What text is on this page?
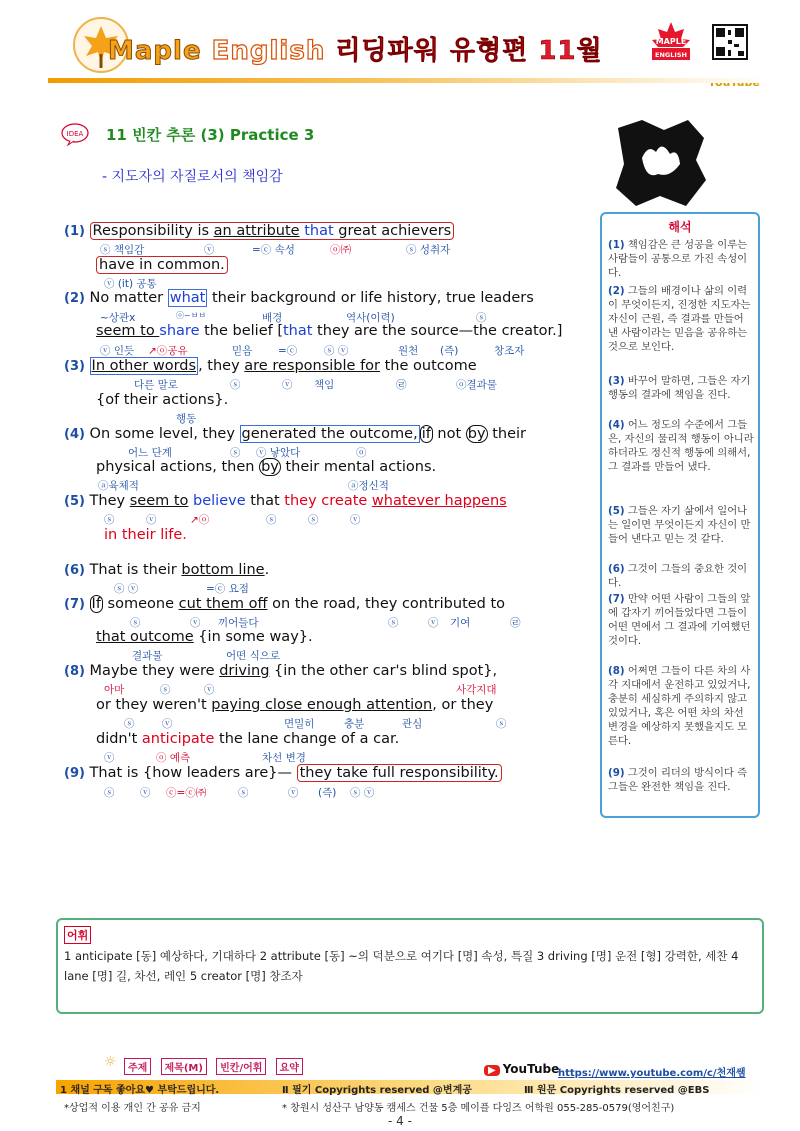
Maple English 리딩파워 유형편 11월	MAPLE
ENGLISH
IDEA 11 빈칸 추론 (3) Practice 3
- 지도자의 자질로서의 책임감
(1) Responsibility is an attribute that great achievers
ⓢ 책임감	ⓥ	=ⓒ 속성	ⓞ㈜	ⓢ 성취자
have in common.
ⓥ (it) 공통
(2) No matter what their background or life history, true leaders
~상관x	ⓞ~ㅂㅂ	배경	역사(이력)	ⓢ
seem to share the belief [that they are the source—the creator.]
ⓥ 인듯 ↗ⓞ공유	믿음 =ⓒ	ⓢ ⓥ	원천 (즉)	창조자
(3) In other words , they are responsible for the outcome
다른 말로	ⓢ	ⓥ 책임	㉣	ⓞ결과물
{of their actions}.
행동
(4) On some level, they generated the outcome, if not by their
어느 단계	ⓢ ⓥ 낳았다	ⓞ
physical actions, then by their mental actions.
ⓐ육체적	ⓐ정신적
(5) They seem to believe that they create whatever happens
ⓢ	ⓥ	↗ⓞ	ⓢ	ⓢ	ⓥ
in their life.
(6) That is their bottom line.
ⓢ ⓥ	=ⓒ 요점
(7) If someone cut them off on the road, they contributed to
ⓢ	ⓥ 끼어들다	ⓢ	ⓥ 기여	㉣
that outcome {in some way}.
결과물	어떤 식으로
(8) Maybe they were driving {in the other car's blind spot},
아마	ⓢ	ⓥ	사각지대
or they weren't paying close enough attention, or they
ⓢ	ⓥ	면밀히	충분	관심	ⓢ
didn't anticipate the lane change of a car.
ⓥ	ⓞ 예측	차선 변경
(9) That is {how leaders are}— they take full responsibility.
ⓢ ⓥ ⓒ=ⓒ㈜	ⓢ	ⓥ (즉) ⓢ ⓥ
해석
(1) 책임감은 큰 성공을 이루는 사람들이 공통으로 가진 속성이다.
(2) 그들의 배경이나 삶의 이력이 무엇이든지, 진정한 지도자는 자신이 근원, 즉 결과를 만들어 낸 사람이라는 믿음을 공유하는 것으로 보인다.
(3) 바꾸어 말하면, 그들은 자기 행동의 결과에 책임을 진다.
(4) 어느 정도의 수준에서 그들은, 자신의 물리적 행동이 아니라 하더라도 정신적 행동에 의해서, 그 결과를 만들어 냈다.
(5) 그들은 자기 삶에서 일어나는 일이면 무엇이든지 자신이 만들어 낸다고 믿는 것 같다.
(6) 그것이 그들의 중요한 것이다.
(7) 만약 어떤 사람이 그들의 앞에 갑자기 끼어들었다면 그들이 어떤 면에서 그 결과에 기여했던 것이다.
(8) 어쩌면 그들이 다른 차의 사각 지대에서 운전하고 있었거나, 충분히 세심하게 주의하지 않고 있었거나, 혹은 어떤 차의 차선 변경을 예상하지 못했을지도 모른다.
(9) 그것이 리더의 방식이다 즉 그들은 완전한 책임을 진다.
어휘
1 anticipate [동] 예상하다, 기대하다 2 attribute [동] ~의 덕분으로 여기다 [명] 속성, 특질 3 driving [명] 운전 [형] 강력한, 세찬 4 lane [명] 길, 차선, 레인 5 creator [명] 창조자
☼	주제 제목(M) 빈칸/어휘 요약	▶ YouTube
https://www.youtube.com/c/천재쌤
1 채널 구독 좋아요♥ 부탁드립니다.	Ⅱ 필기 Copyrights reserved @변계공	Ⅲ 원문 Copyrights reserved @EBS
*상업적 이용 개인 간 공유 금지	* 창원시 성산구 남양동 캠세스 건물 5층 메이플 다잉즈 어학원 055-285-0579(영어친구)
- 4 -
